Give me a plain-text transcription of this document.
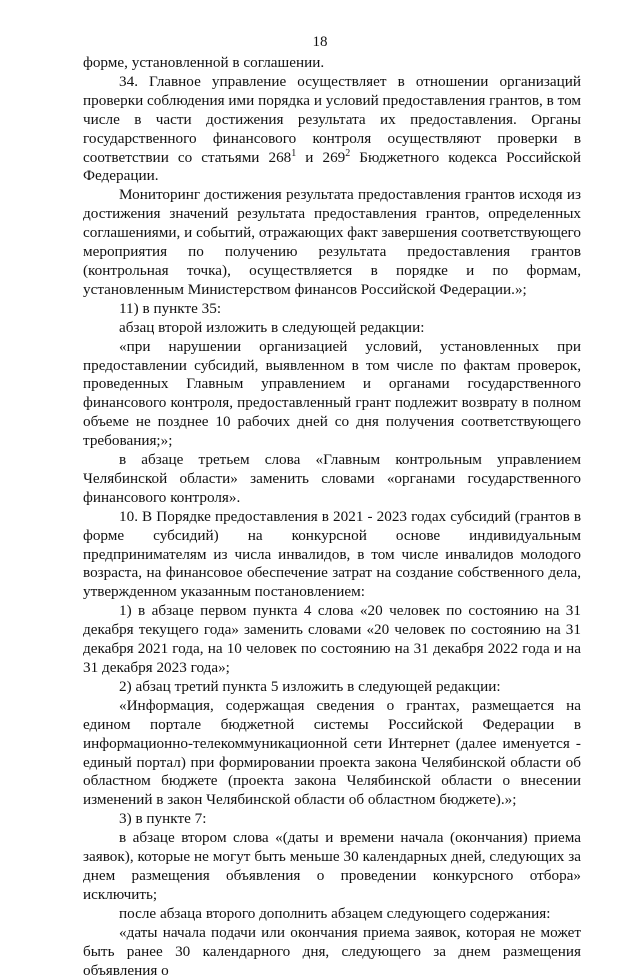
18

форме, установленной в соглашении.

34. Главное управление осуществляет в отношении организаций проверки соблюдения ими порядка и условий предоставления грантов, в том числе в части достижения результата их предоставления. Органы государственного финансового контроля осуществляют проверки в соответствии со статьями $268^1$ и $269^2$ Бюджетного кодекса Российской Федерации.

Мониторинг достижения результата предоставления грантов исходя из достижения значений результата предоставления грантов, определенных соглашениями, и событий, отражающих факт завершения соответствующего мероприятия по получению результата предоставления грантов (контрольная точка), осуществляется в порядке и по формам, установленным Министерством финансов Российской Федерации.»;

11) в пункте 35:

абзац второй изложить в следующей редакции:

«при нарушении организацией условий, установленных при предоставлении субсидий, выявленном в том числе по фактам проверок, проведенных Главным управлением и органами государственного финансового контроля, предоставленный грант подлежит возврату в полном объеме не позднее 10 рабочих дней со дня получения соответствующего требования;»;

в абзаце третьем слова «Главным контрольным управлением Челябинской области» заменить словами «органами государственного финансового контроля».

10. В Порядке предоставления в 2021 - 2023 годах субсидий (грантов в форме субсидий) на конкурсной основе индивидуальным предпринимателям из числа инвалидов, в том числе инвалидов молодого возраста, на финансовое обеспечение затрат на создание собственного дела, утвержденном указанным постановлением:

1) в абзаце первом пункта 4 слова «20 человек по состоянию на 31 декабря текущего года» заменить словами «20 человек по состоянию на 31 декабря 2021 года, на 10 человек по состоянию на 31 декабря 2022 года и на 31 декабря 2023 года»;

2) абзац третий пункта 5 изложить в следующей редакции:

«Информация, содержащая сведения о грантах, размещается на едином портале бюджетной системы Российской Федерации в информационно-телекоммуникационной сети Интернет (далее именуется - единый портал) при формировании проекта закона Челябинской области об областном бюджете (проекта закона Челябинской области о внесении изменений в закон Челябинской области об областном бюджете).»;

3) в пункте 7:

в абзаце втором слова «(даты и времени начала (окончания) приема заявок), которые не могут быть меньше 30 календарных дней, следующих за днем размещения объявления о проведении конкурсного отбора» исключить;

после абзаца второго дополнить абзацем следующего содержания:

«даты начала подачи или окончания приема заявок, которая не может быть ранее 30 календарного дня, следующего за днем размещения объявления о
